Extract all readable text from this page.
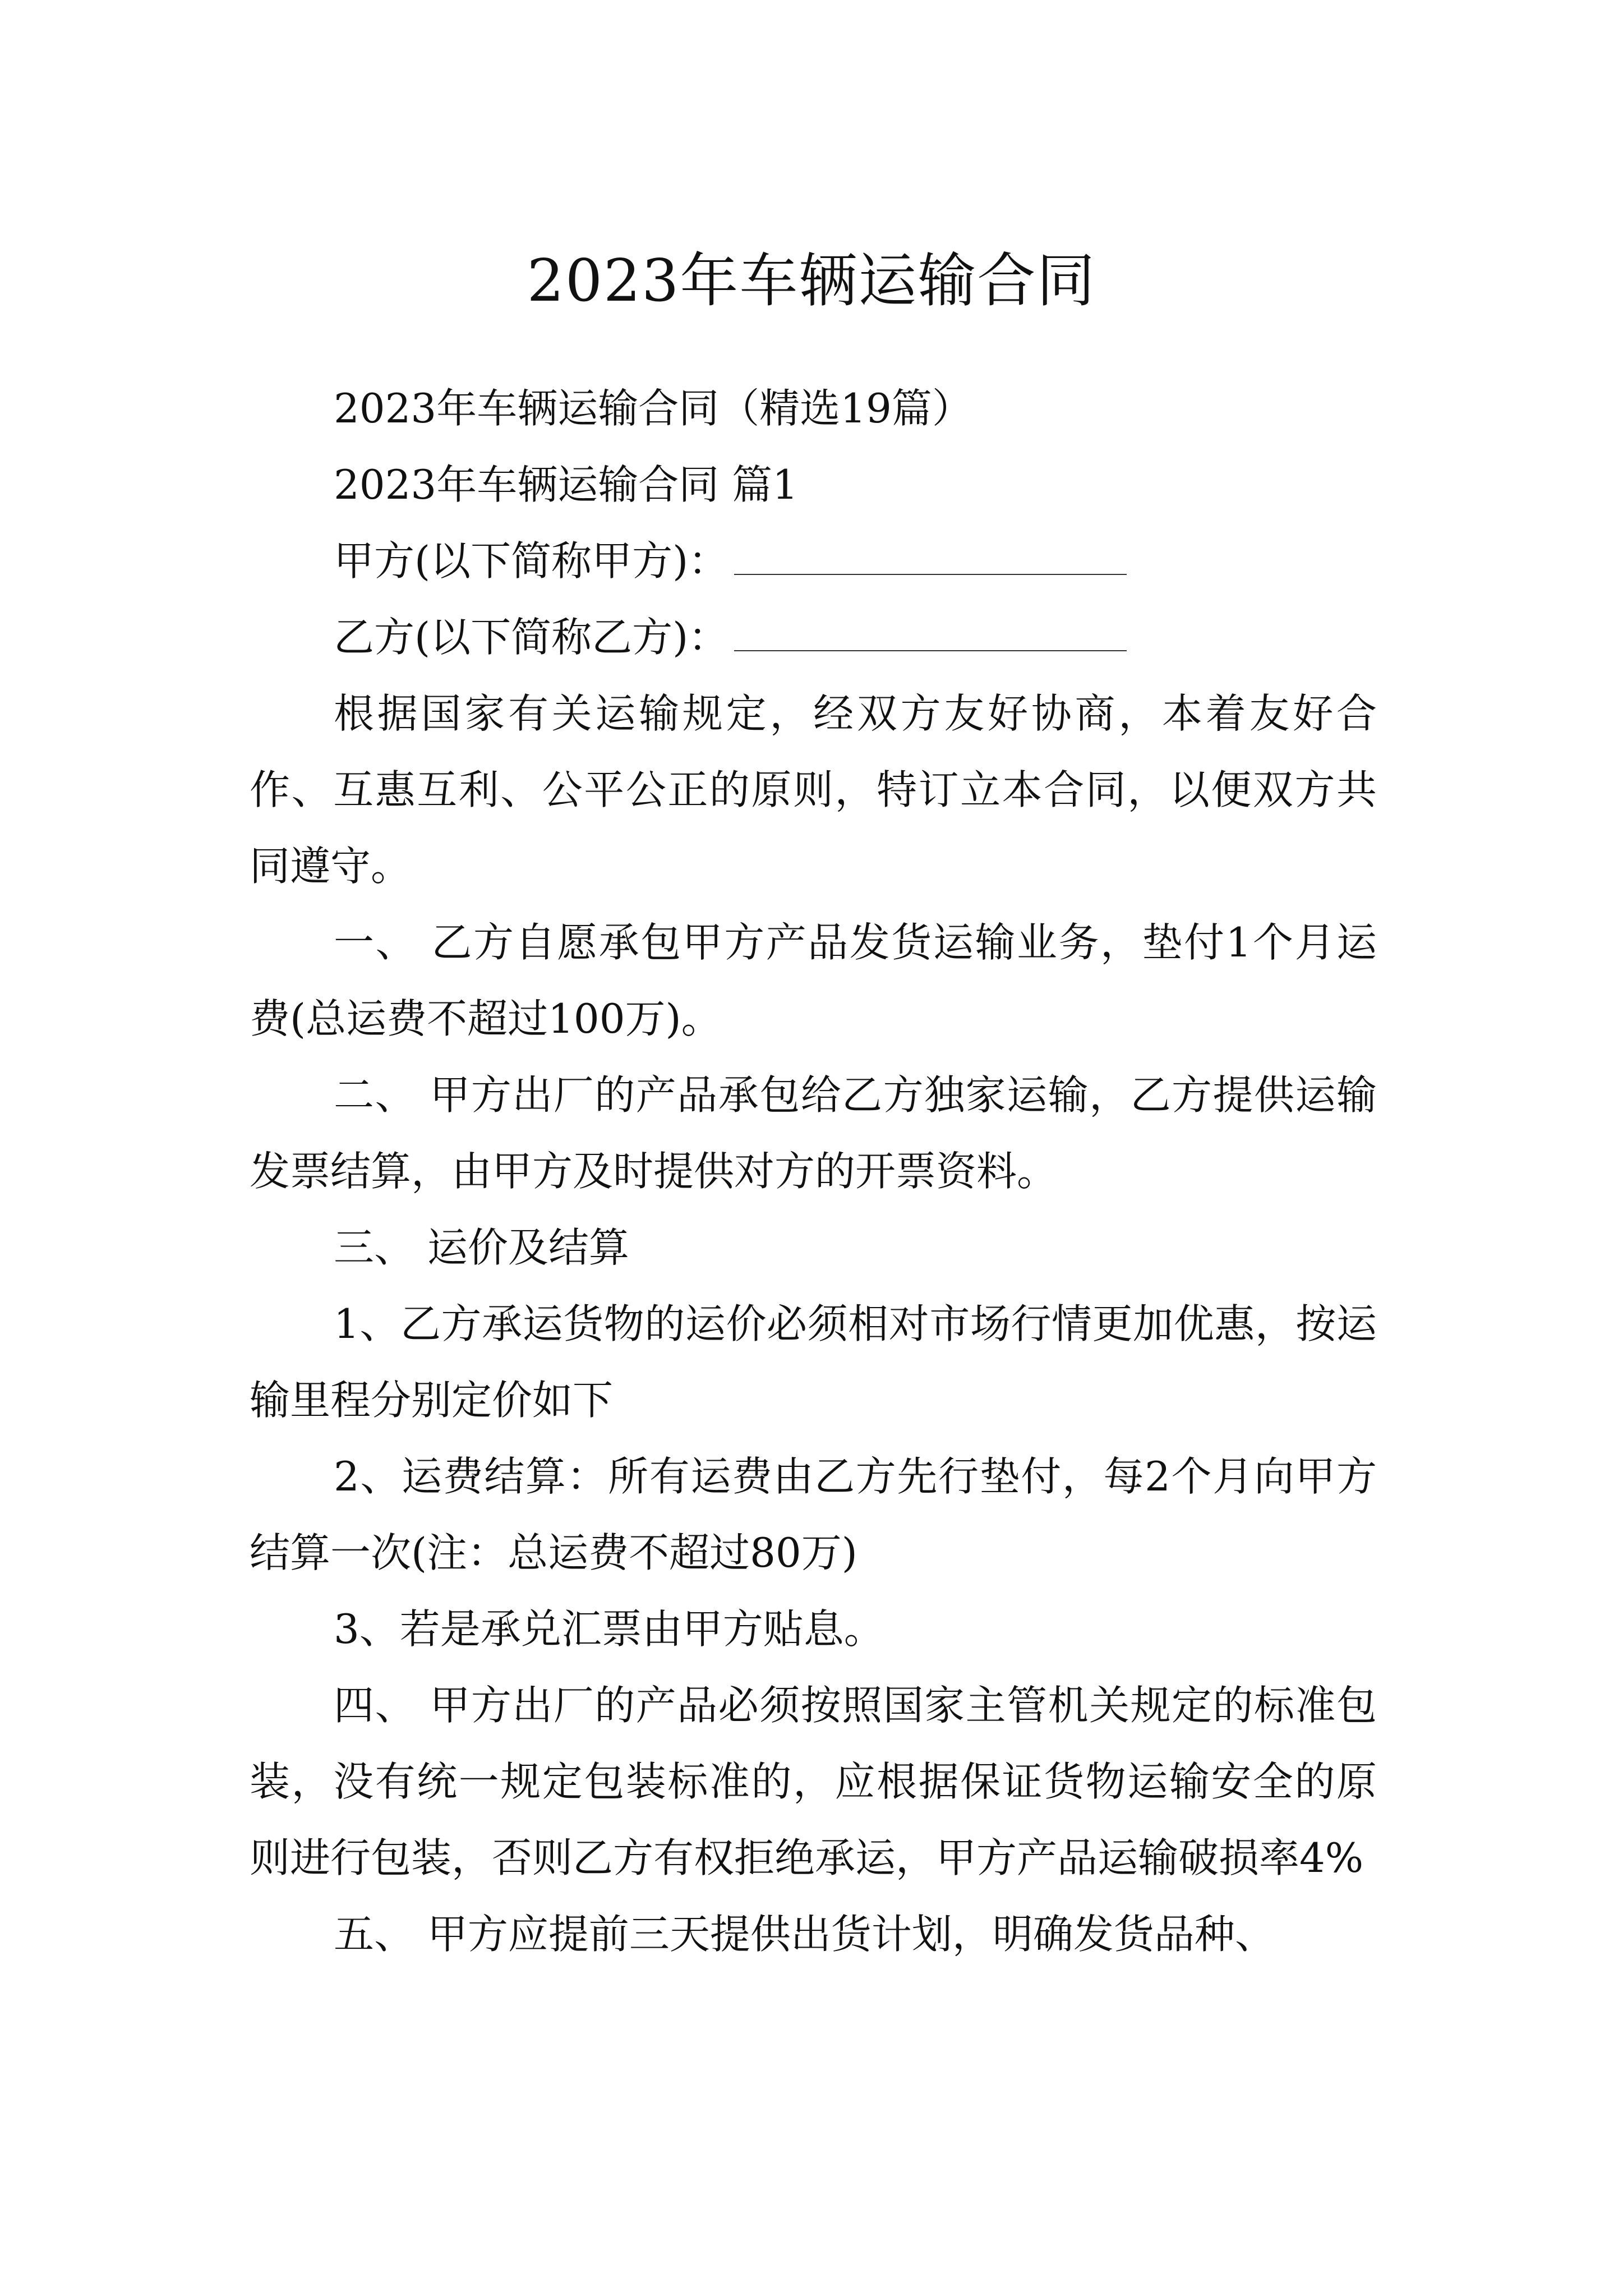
2023年车辆运输合同

2023年车辆运输合同（精选19篇）

2023年车辆运输合同 篇1

甲方(以下简称甲方)：

乙方(以下简称乙方)：

根据国家有关运输规定，经双方友好协商，本着友好合作、互惠互利、公平公正的原则，特订立本合同，以便双方共同遵守。

一、 乙方自愿承包甲方产品发货运输业务，垫付1个月运费(总运费不超过100万)。

二、 甲方出厂的产品承包给乙方独家运输，乙方提供运输发票结算，由甲方及时提供对方的开票资料。

三、 运价及结算

1、乙方承运货物的运价必须相对市场行情更加优惠，按运输里程分别定价如下

2、运费结算：所有运费由乙方先行垫付，每2个月向甲方结算一次(注：总运费不超过80万)

3、若是承兑汇票由甲方贴息。

四、 甲方出厂的产品必须按照国家主管机关规定的标准包装，没有统一规定包装标准的，应根据保证货物运输安全的原则进行包装，否则乙方有权拒绝承运，甲方产品运输破损率4%

五、 甲方应提前三天提供出货计划，明确发货品种、
